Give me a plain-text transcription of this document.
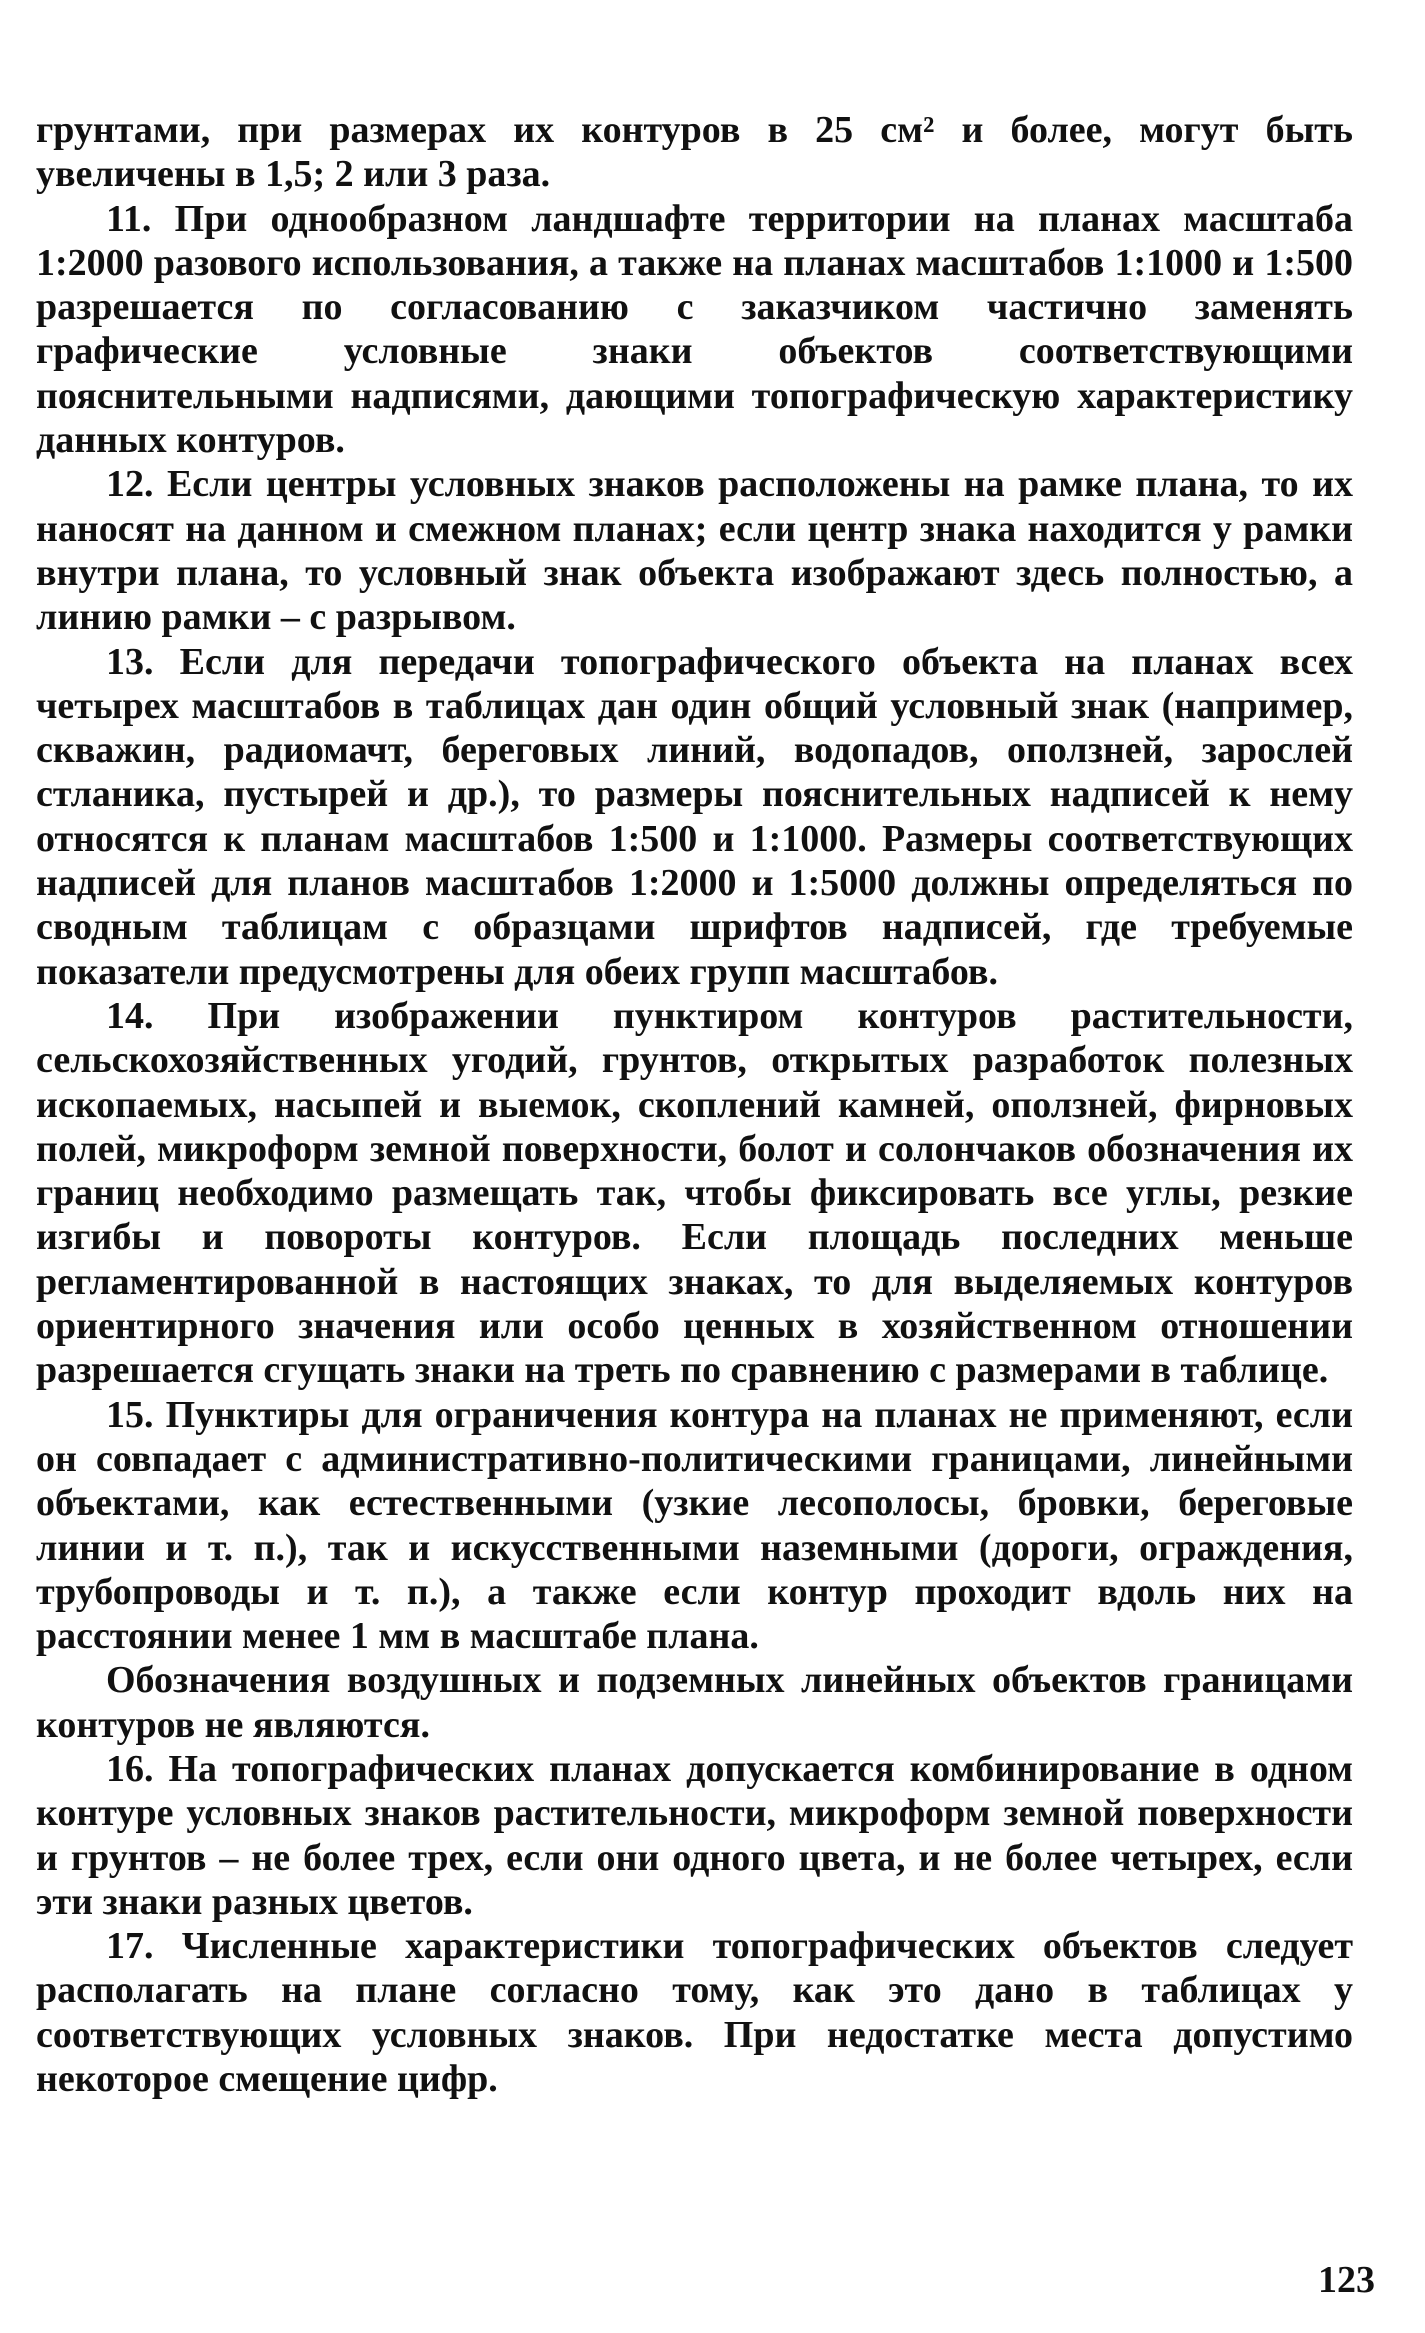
грунтами, при размерах их контуров в 25 см² и более, могут быть увеличены в 1,5; 2 или 3 раза.

11. При однообразном ландшафте территории на планах масштаба 1:2000 разового использования, а также на планах масштабов 1:1000 и 1:500 разрешается по согласованию с заказчиком частично заменять графические условные знаки объектов соответствующими пояснительными надписями, дающими топографическую характеристику данных контуров.

12. Если центры условных знаков расположены на рамке плана, то их наносят на данном и смежном планах; если центр знака находится у рамки внутри плана, то условный знак объекта изображают здесь полностью, а линию рамки – с разрывом.

13. Если для передачи топографического объекта на планах всех четырех масштабов в таблицах дан один общий условный знак (например, скважин, радиомачт, береговых линий, водопадов, оползней, зарослей стланика, пустырей и др.), то размеры пояснительных надписей к нему относятся к планам масштабов 1:500 и 1:1000. Размеры соответствующих надписей для планов масштабов 1:2000 и 1:5000 должны определяться по сводным таблицам с образцами шрифтов надписей, где требуемые показатели предусмотрены для обеих групп масштабов.

14. При изображении пунктиром контуров растительности, сельскохозяйственных угодий, грунтов, открытых разработок полезных ископаемых, насыпей и выемок, скоплений камней, оползней, фирновых полей, микроформ земной поверхности, болот и солончаков обозначения их границ необходимо размещать так, чтобы фиксировать все углы, резкие изгибы и повороты контуров. Если площадь последних меньше регламентированной в настоящих знаках, то для выделяемых контуров ориентирного значения или особо ценных в хозяйственном отношении разрешается сгущать знаки на треть по сравнению с размерами в таблице.

15. Пунктиры для ограничения контура на планах не применяют, если он совпадает с административно-политическими границами, линейными объектами, как естественными (узкие лесополосы, бровки, береговые линии и т. п.), так и искусственными наземными (дороги, ограждения, трубопроводы и т. п.), а также если контур проходит вдоль них на расстоянии менее 1 мм в масштабе плана.

Обозначения воздушных и подземных линейных объектов границами контуров не являются.

16. На топографических планах допускается комбинирование в одном контуре условных знаков растительности, микроформ земной поверхности и грунтов – не более трех, если они одного цвета, и не более четырех, если эти знаки разных цветов.

17. Численные характеристики топографических объектов следует располагать на плане согласно тому, как это дано в таблицах у соответствующих условных знаков. При недостатке места допустимо некоторое смещение цифр.

123
